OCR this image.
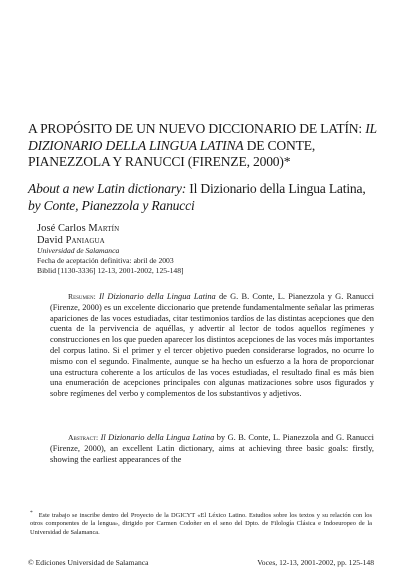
A PROPÓSITO DE UN NUEVO DICCIONARIO DE LATÍN: IL DIZIONARIO DELLA LINGUA LATINA DE CONTE, PIANEZZOLA Y RANUCCI (FIRENZE, 2000)*
About a new Latin dictionary: Il Dizionario della Lingua Latina, by Conte, Pianezzola y Ranucci
José Carlos Martín
David Paniagua
Universidad de Salamanca
Fecha de aceptación definitiva: abril de 2003
Biblid [1130-3336] 12-13, 2001-2002, 125-148]
Resumen: Il Dizionario della Lingua Latina de G. B. Conte, L. Pianezzola y G. Ranucci (Firenze, 2000) es un excelente diccionario que pretende fundamentalmente señalar las primeras apariciones de las voces estudiadas, citar testimonios tardíos de las distintas acepciones que den cuenta de la pervivencia de aquéllas, y advertir al lector de todos aquellos regímenes y construcciones en los que pueden aparecer los distintos acepciones de las voces más importantes del corpus latino. Si el primer y el tercer objetivo pueden considerarse logrados, no ocurre lo mismo con el segundo. Finalmente, aunque se ha hecho un esfuerzo a la hora de proporcionar una estructura coherente a los artículos de las voces estudiadas, el resultado final es más bien una enumeración de acepciones principales con algunas matizaciones sobre usos figurados y sobre regímenes del verbo y complementos de los substantivos y adjetivos.
Abstract: Il Dizionario della Lingua Latina by G. B. Conte, L. Pianezzola and G. Ranucci (Firenze, 2000), an excellent Latin dictionary, aims at achieving three basic goals: firstly, showing the earliest appearances of the
* Este trabajo se inscribe dentro del Proyecto de la DGICYT «El Léxico Latino. Estudios sobre los textos y su relación con los otros componentes de la lengua», dirigido por Carmen Codoñer en el seno del Dpto. de Filología Clásica e Indoeuropeo de la Universidad de Salamanca.
© Ediciones Universidad de Salamanca	Voces, 12-13, 2001-2002, pp. 125-148
